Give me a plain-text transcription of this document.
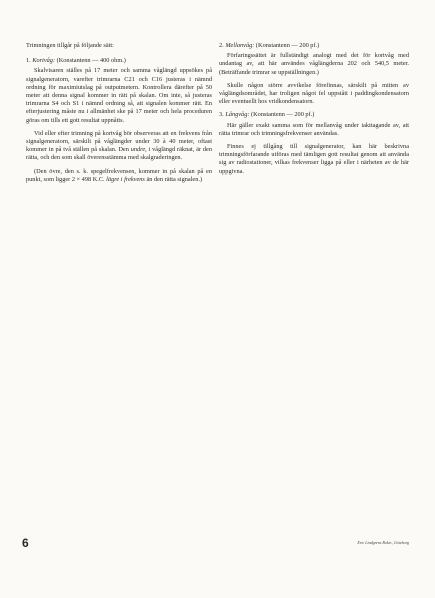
Trimningen tillgår på följande sätt:

1. Kortvåg: (Konstantenn — 400 ohm.)

Skalvisaren ställes på 17 meter och samma våglängd uppsökes på signalgeneratorn, varefter trimrarna C21 och C16 justeras i nämnd ordning för maximiutslag på outputmetern. Kontrollera därefter på 50 meter att denna signal kommer in rätt på skalan. Om inte, så justeras trimrarna S4 och S1 i nämnd ordning så, att signalen kommer rätt. En efterjustering måste nu i allmänhet ske på 17 meter och hela proceduren göras om tills ett gott resultat uppnåtts.

Vid eller efter trimning på kortvåg bör observeras att en frekvens från signalgeneratorn, särskilt på våglängder under 30 à 40 meter, oftast kommer in på två ställen på skalan. Den undre, i våglängd räknat, är den rätta, och den som skall överensstämma med skalgraderingen.

(Den övre, den s. k. spegelfrekvensen, kommer in på skalan på en punkt, som ligger 2 × 498 K.C. lägre i frekvens än den rätta signalen.)

2. Mellanvåg: (Konstantenn — 200 pf.)

Förfaringssättet är fullständigt analogt med det för kortvåg med undantag av, att här användes våglängderna 202 och 540,5 meter. (Beträffande trimrar se uppställningen.)

Skulle någon större avvikelse förefinnas, särskilt på mitten av våglängdsområdet, har troligen något fel uppstått i paddingkondensatorn eller eventuellt hos vridkondensatorn.

3. Långvåg: (Konstantenn — 200 pf.)

Här gäller exakt samma som för mellanvåg under iakttagande av, att rätta trimrar och trimningsfrekvenser användas.

Finnes ej tillgång till signalgenerator, kan här beskrivna trimningsförfarande utföras med tämligen gott resultat genom att använda sig av radiostationer, vilkas frekvenser ligga på eller i närheten av de här uppgivna.

6	Eric Lindgrens Boktr., Göteborg
